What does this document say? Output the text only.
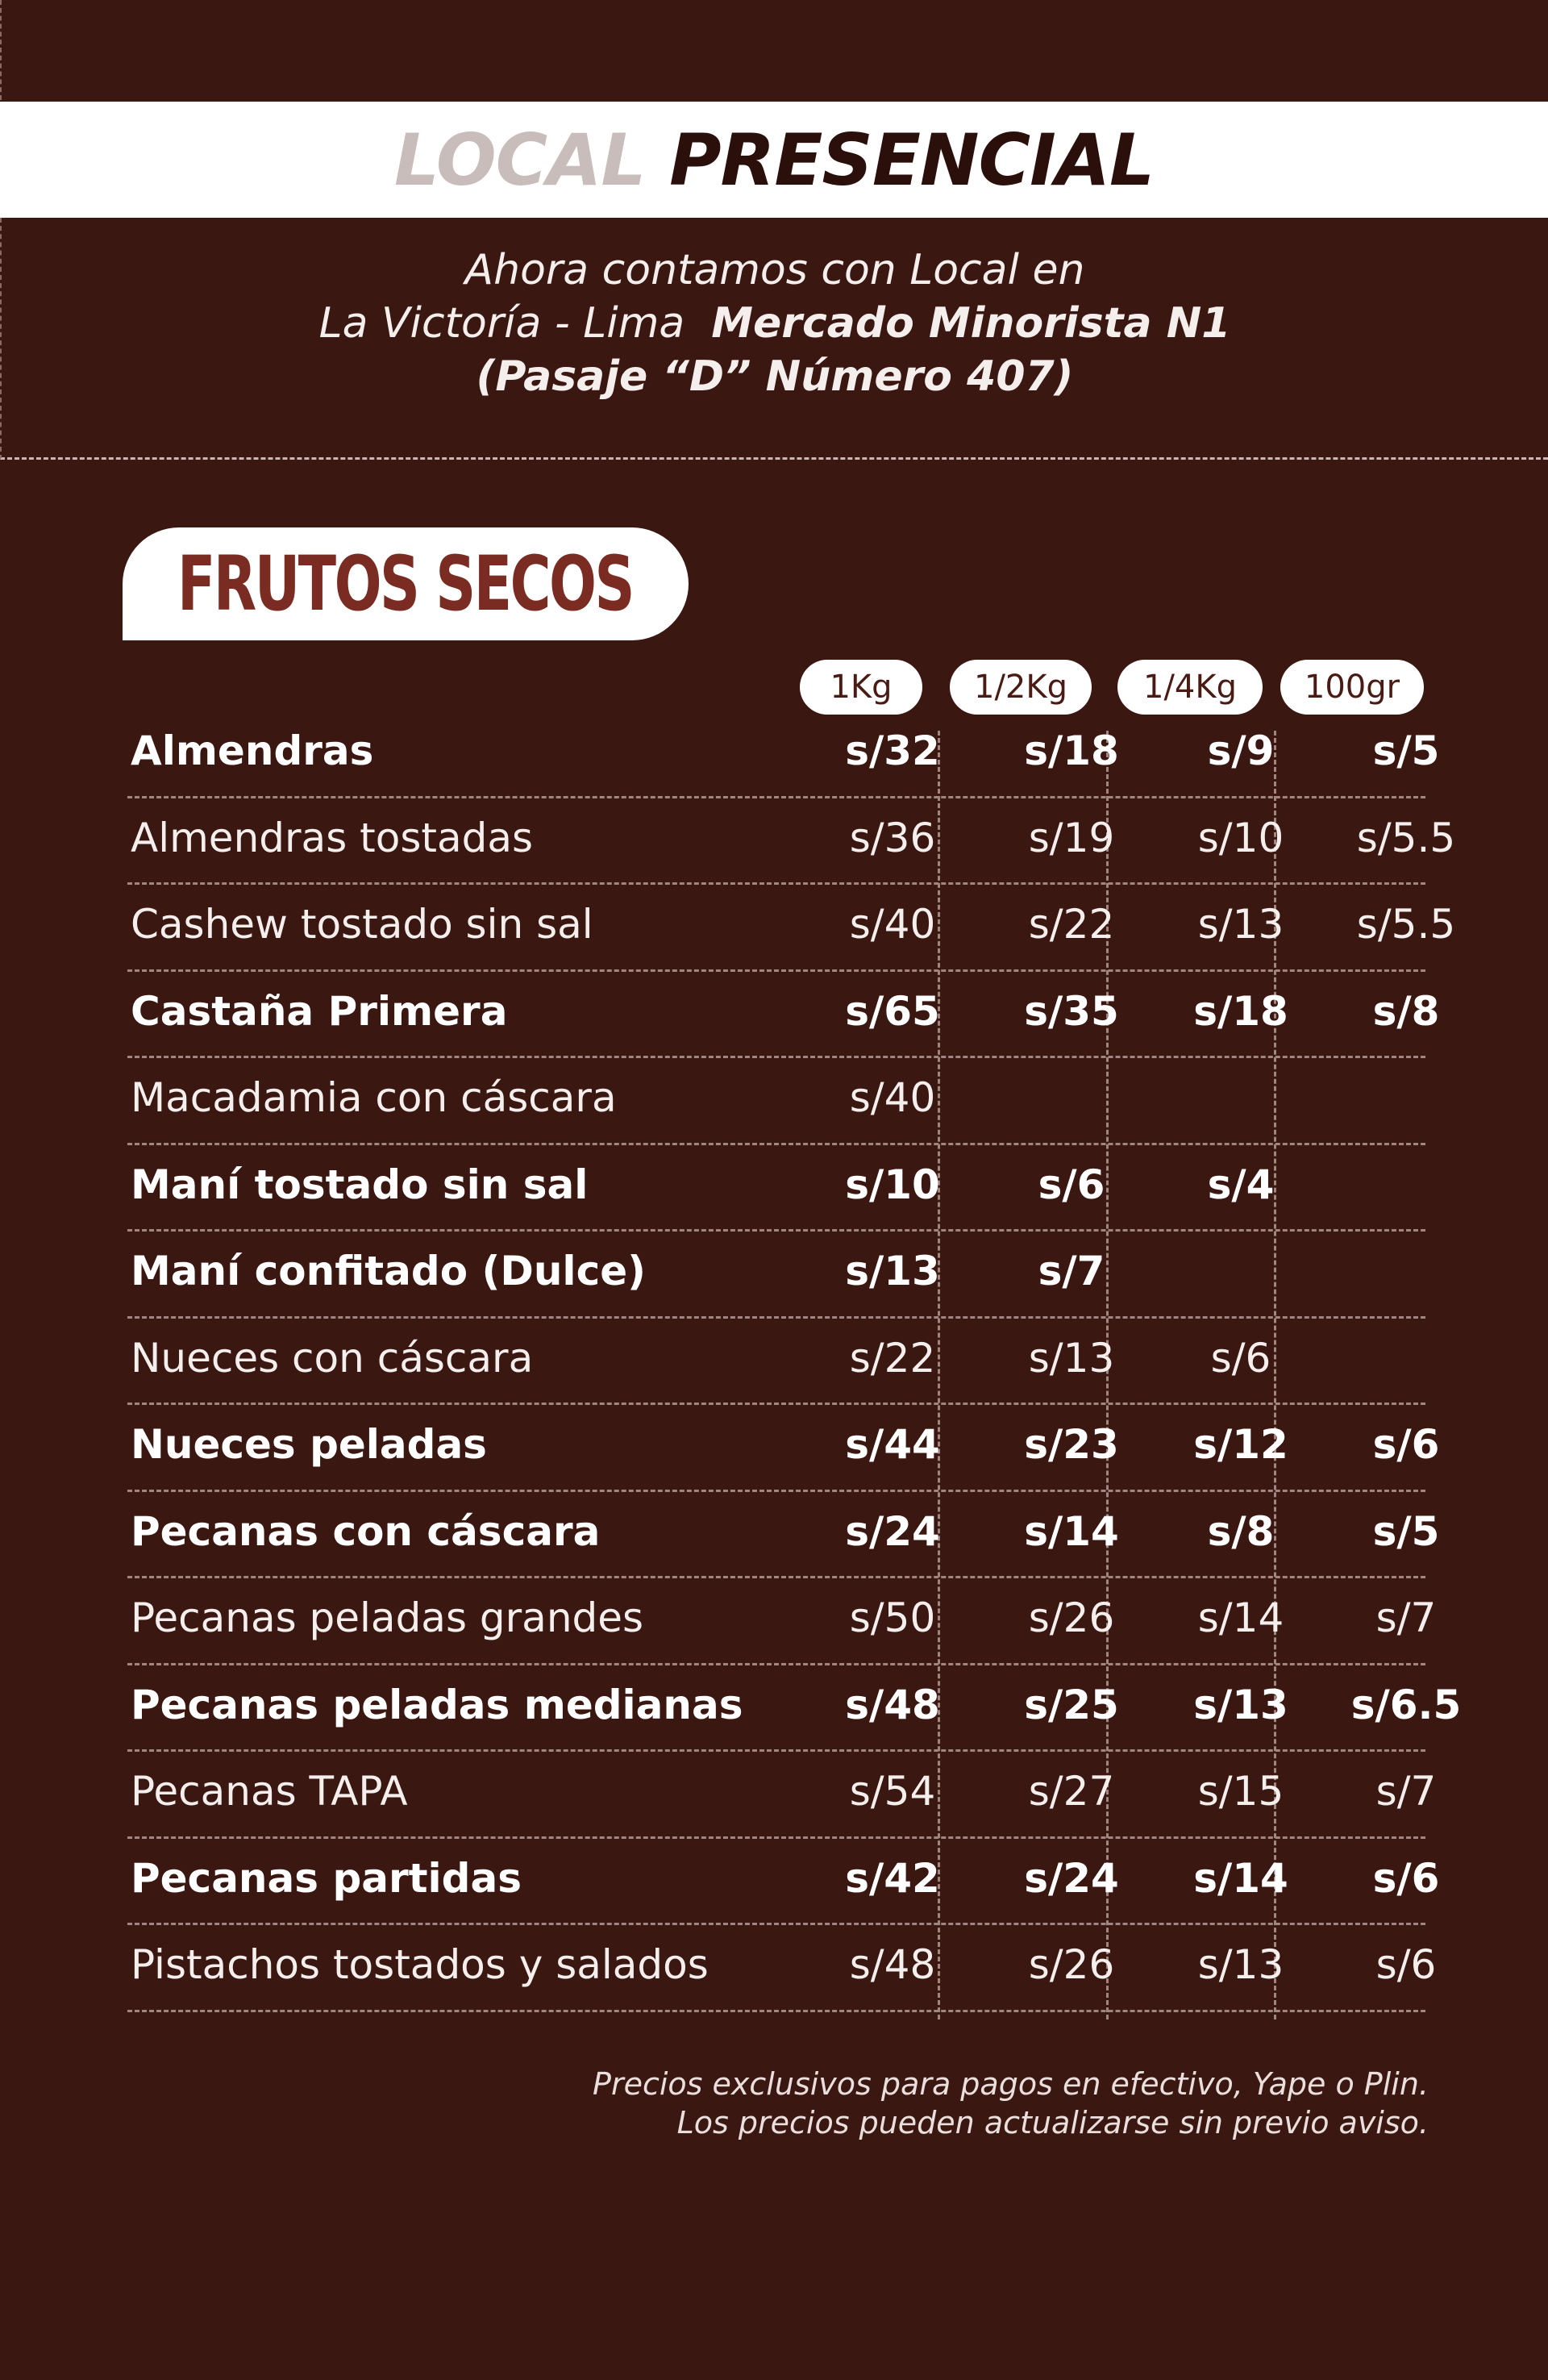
LOCAL PRESENCIAL
Ahora contamos con Local en
La Victoría - Lima Mercado Minorista N1
(Pasaje “D” Número 407)
FRUTOS SECOS
1Kg	1/2Kg	1/4Kg	100gr
Almendras	s/32	s/18	s/9	s/5
Almendras tostadas	s/36	s/19	s/10	s/5.5
Cashew tostado sin sal	s/40	s/22	s/13	s/5.5
Castaña Primera	s/65	s/35	s/18	s/8
Macadamia con cáscara	s/40
Maní tostado sin sal	s/10	s/6	s/4
Maní confitado (Dulce)	s/13	s/7
Nueces con cáscara	s/22	s/13	s/6
Nueces peladas	s/44	s/23	s/12	s/6
Pecanas con cáscara	s/24	s/14	s/8	s/5
Pecanas peladas grandes	s/50	s/26	s/14	s/7
Pecanas peladas medianas	s/48	s/25	s/13	s/6.5
Pecanas TAPA	s/54	s/27	s/15	s/7
Pecanas partidas	s/42	s/24	s/14	s/6
Pistachos tostados y salados	s/48	s/26	s/13	s/6
Precios exclusivos para pagos en efectivo, Yape o Plin.
Los precios pueden actualizarse sin previo aviso.
